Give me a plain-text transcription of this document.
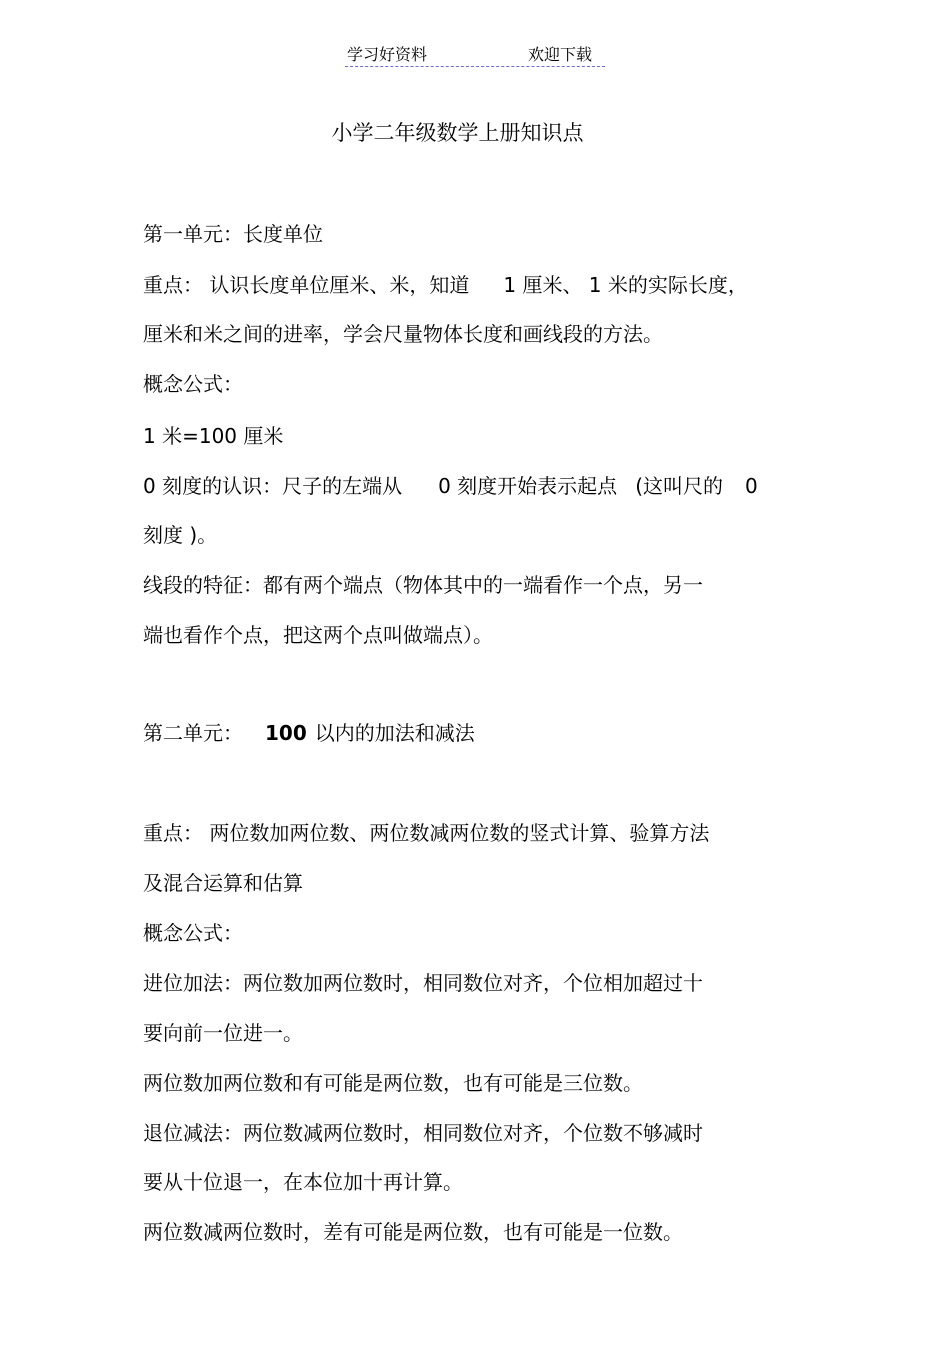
学习好资料	欢迎下载
小学二年级数学上册知识点
第一单元：长度单位
重点： 认识长度单位厘米、米，知道 1 厘米、 1 米的实际长度，
厘米和米之间的进率，学会尺量物体长度和画线段的方法。
概念公式：
1 米=100 厘米
0 刻度的认识：尺子的左端从 0 刻度开始表示起点 (这叫尺的 0
刻度 )。
线段的特征：都有两个端点（物体其中的一端看作一个点，另一
端也看作个点，把这两个点叫做端点）。
第二单元： 100 以内的加法和减法
重点： 两位数加两位数、两位数减两位数的竖式计算、验算方法
及混合运算和估算
概念公式：
进位加法：两位数加两位数时，相同数位对齐，个位相加超过十
要向前一位进一。
两位数加两位数和有可能是两位数，也有可能是三位数。
退位减法：两位数减两位数时，相同数位对齐，个位数不够减时
要从十位退一，在本位加十再计算。
两位数减两位数时，差有可能是两位数，也有可能是一位数。
